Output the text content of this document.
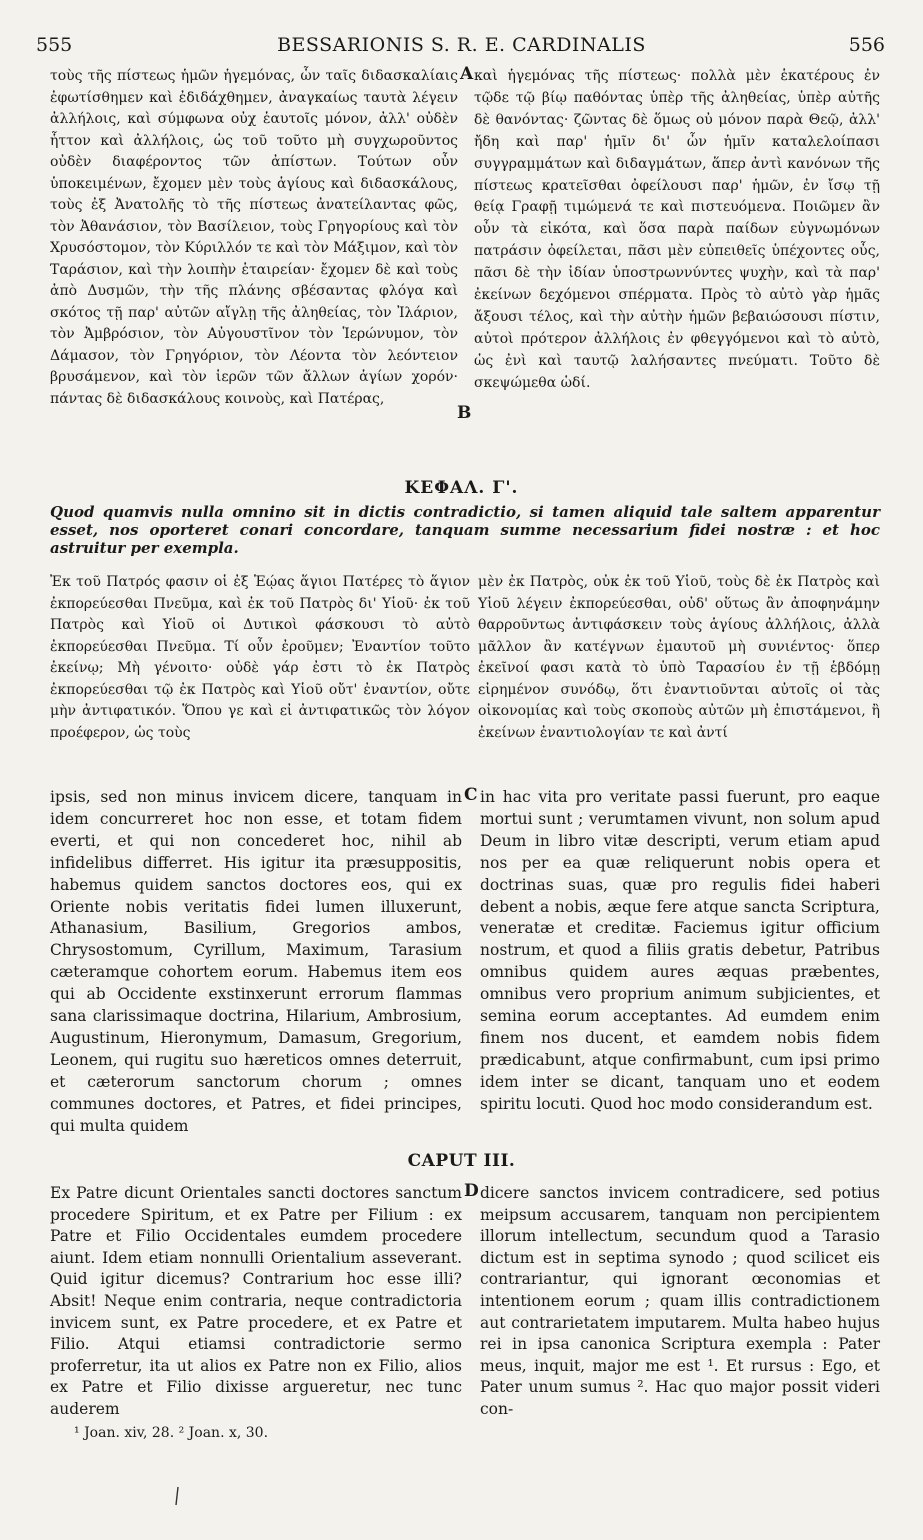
555	BESSARIONIS S. R. E. CARDINALIS	556
τοὺς τῆς πίστεως ἡμῶν ἡγεμόνας, ὧν ταῖς διδασκαλίαις ἐφωτίσθημεν καὶ ἐδιδάχθημεν, ἀναγκαίως ταυτὰ λέγειν ἀλλήλοις, καὶ σύμφωνα οὐχ ἑαυτοῖς μόνον, ἀλλ' οὐδὲν ἧττον καὶ ἀλλήλοις, ὡς τοῦ τοῦτο μὴ συγχωροῦντος οὐδὲν διαφέροντος τῶν ἀπίστων. Τούτων οὖν ὑποκειμένων, ἔχομεν μὲν τοὺς ἁγίους καὶ διδασκάλους, τοὺς ἐξ Ἀνατολῆς τὸ τῆς πίστεως ἀνατείλαντας φῶς, τὸν Ἀθανάσιον, τὸν Βασίλειον, τοὺς Γρηγορίους καὶ τὸν Χρυσόστομον, τὸν Κύριλλόν τε καὶ τὸν Μάξιμον, καὶ τὸν Ταράσιον, καὶ τὴν λοιπὴν ἑταιρείαν· ἔχομεν δὲ καὶ τοὺς ἀπὸ Δυσμῶν, τὴν τῆς πλάνης σβέσαντας φλόγα καὶ σκότος τῇ παρ' αὐτῶν αἴγλῃ τῆς ἀληθείας, τὸν Ἰλάριον, τὸν Ἀμβρόσιον, τὸν Αὐγουστῖνον τὸν Ἱερώνυμον, τὸν Δάμασον, τὸν Γρηγόριον, τὸν Λέοντα τὸν λεόντειον βρυσάμενον, καὶ τὸν ἱερῶν τῶν ἄλλων ἁγίων χορόν· πάντας δὲ διδασκάλους κοινοὺς, καὶ Πατέρας,
A καὶ ἡγεμόνας τῆς πίστεως· πολλὰ μὲν ἑκατέρους ἐν τῷδε τῷ βίῳ παθόντας ὑπὲρ τῆς ἀληθείας, ὑπὲρ αὐτῆς δὲ θανόντας· ζῶντας δὲ ὅμως οὐ μόνον παρὰ Θεῷ, ἀλλ' ἤδη καὶ παρ' ἡμῖν δι' ὧν ἡμῖν καταλελοίπασι συγγραμμάτων καὶ διδαγμάτων, ἅπερ ἀντὶ κανόνων τῆς πίστεως κρατεῖσθαι ὀφείλουσι παρ' ἡμῶν, ἐν ἴσῳ τῇ θείᾳ Γραφῇ τιμώμενά τε καὶ πιστευόμενα. Ποιῶμεν ἂν οὖν τὰ εἰκότα, καὶ ὅσα παρὰ παίδων εὐγνωμόνων πατράσιν ὀφείλεται, πᾶσι μὲν εὐπειθεῖς ὑπέχοντες οὖς, πᾶσι δὲ τὴν ἰδίαν ὑποστρωννύντες ψυχὴν, καὶ τὰ παρ' ἐκείνων δεχόμενοι σπέρματα. Πρὸς τὸ αὐτὸ γὰρ ἡμᾶς ἄξουσι τέλος, καὶ τὴν αὐτὴν ἡμῶν βεβαιώσουσι πίστιν, αὐτοὶ πρότερον ἀλλήλοις ἐν φθεγγόμενοι καὶ τὸ αὐτὸ, ὡς ἐνὶ καὶ ταυτῷ λαλήσαντες πνεύματι. Τοῦτο δὲ σκεψώμεθα ὡδί.
B
ΚΕΦΑΛ. Γ'.
Quod quamvis nulla omnino sit in dictis contradictio, si tamen aliquid tale saltem apparentur esset, nos oporteret conari concordare, tanquam summe necessarium fidei nostræ : et hoc astruitur per exempla.
Ἐκ τοῦ Πατρός φασιν οἱ ἐξ Ἑῴας ἅγιοι Πατέρες τὸ ἅγιον ἐκπορεύεσθαι Πνεῦμα, καὶ ἐκ τοῦ Πατρὸς δι' Υἱοῦ· ἐκ τοῦ Πατρὸς καὶ Υἱοῦ οἱ Δυτικοὶ φάσκουσι τὸ αὐτὸ ἐκπορεύεσθαι Πνεῦμα. Τί οὖν ἐροῦμεν; Ἐναντίον τοῦτο ἐκείνῳ; Μὴ γένοιτο· οὐδὲ γάρ ἐστι τὸ ἐκ Πατρὸς ἐκπορεύεσθαι τῷ ἐκ Πατρὸς καὶ Υἱοῦ οὔτ' ἐναντίον, οὔτε μὴν ἀντιφατικόν. Ὅπου γε καὶ εἰ ἀντιφατικῶς τὸν λόγον προέφερον, ὡς τοὺς
μὲν ἐκ Πατρὸς, οὐκ ἐκ τοῦ Υἱοῦ, τοὺς δὲ ἐκ Πατρὸς καὶ Υἱοῦ λέγειν ἐκπορεύεσθαι, οὐδ' οὕτως ἂν ἀποφηνάμην θαρροῦντως ἀντιφάσκειν τοὺς ἁγίους ἀλλήλοις, ἀλλὰ μᾶλλον ἂν κατέγνων ἐμαυτοῦ μὴ συνιέντος· ὅπερ ἐκεῖνοί φασι κατὰ τὸ ὑπὸ Ταρασίου ἐν τῇ ἑβδόμῃ εἰρημένον συνόδῳ, ὅτι ἐναντιοῦνται αὐτοῖς οἱ τὰς οἰκονομίας καὶ τοὺς σκοποὺς αὐτῶν μὴ ἐπιστάμενοι, ἢ ἐκείνων ἐναντιολογίαν τε καὶ ἀντί
ipsis, sed non minus invicem dicere, tanquam in idem concurreret hoc non esse, et totam fidem everti, et qui non concederet hoc, nihil ab infidelibus differret. His igitur ita præsuppositis, habemus quidem sanctos doctores eos, qui ex Oriente nobis veritatis fidei lumen illuxerunt, Athanasium, Basilium, Gregorios ambos, Chrysostomum, Cyrillum, Maximum, Tarasium cæteramque cohortem eorum. Habemus item eos qui ab Occidente exstinxerunt errorum flammas sana clarissimaque doctrina, Hilarium, Ambrosium, Augustinum, Hieronymum, Damasum, Gregorium, Leonem, qui rugitu suo hæreticos omnes deterruit, et cæterorum sanctorum chorum ; omnes communes doctores, et Patres, et fidei principes, qui multa quidem
C in hac vita pro veritate passi fuerunt, pro eaque mortui sunt ; verumtamen vivunt, non solum apud Deum in libro vitæ descripti, verum etiam apud nos per ea quæ reliquerunt nobis opera et doctrinas suas, quæ pro regulis fidei haberi debent a nobis, æque fere atque sancta Scriptura, veneratæ et creditæ. Faciemus igitur officium nostrum, et quod a filiis gratis debetur, Patribus omnibus quidem aures æquas præbentes, omnibus vero proprium animum subjicientes, et semina eorum acceptantes. Ad eumdem enim finem nos ducent, et eamdem nobis fidem prædicabunt, atque confirmabunt, cum ipsi primo idem inter se dicant, tanquam uno et eodem spiritu locuti. Quod hoc modo considerandum est.
CAPUT III.
Ex Patre dicunt Orientales sancti doctores sanctum procedere Spiritum, et ex Patre per Filium : ex Patre et Filio Occidentales eumdem procedere aiunt. Idem etiam nonnulli Orientalium asseverant. Quid igitur dicemus? Contrarium hoc esse illi? Absit! Neque enim contraria, neque contradictoria invicem sunt, ex Patre procedere, et ex Patre et Filio. Atqui etiamsi contradictorie sermo proferretur, ita ut alios ex Patre non ex Filio, alios ex Patre et Filio dixisse argueretur, nec tunc auderem
D dicere sanctos invicem contradicere, sed potius meipsum accusarem, tanquam non percipientem illorum intellectum, secundum quod a Tarasio dictum est in septima synodo ; quod scilicet eis contrariantur, qui ignorant œconomias et intentionem eorum ; quam illis contradictionem aut contrarietatem imputarem. Multa habeo hujus rei in ipsa canonica Scriptura exempla : Pater meus, inquit, major me est ¹. Et rursus : Ego, et Pater unum sumus ². Hac quo major possit videri con-
¹ Joan. xiv, 28. ² Joan. x, 30.
